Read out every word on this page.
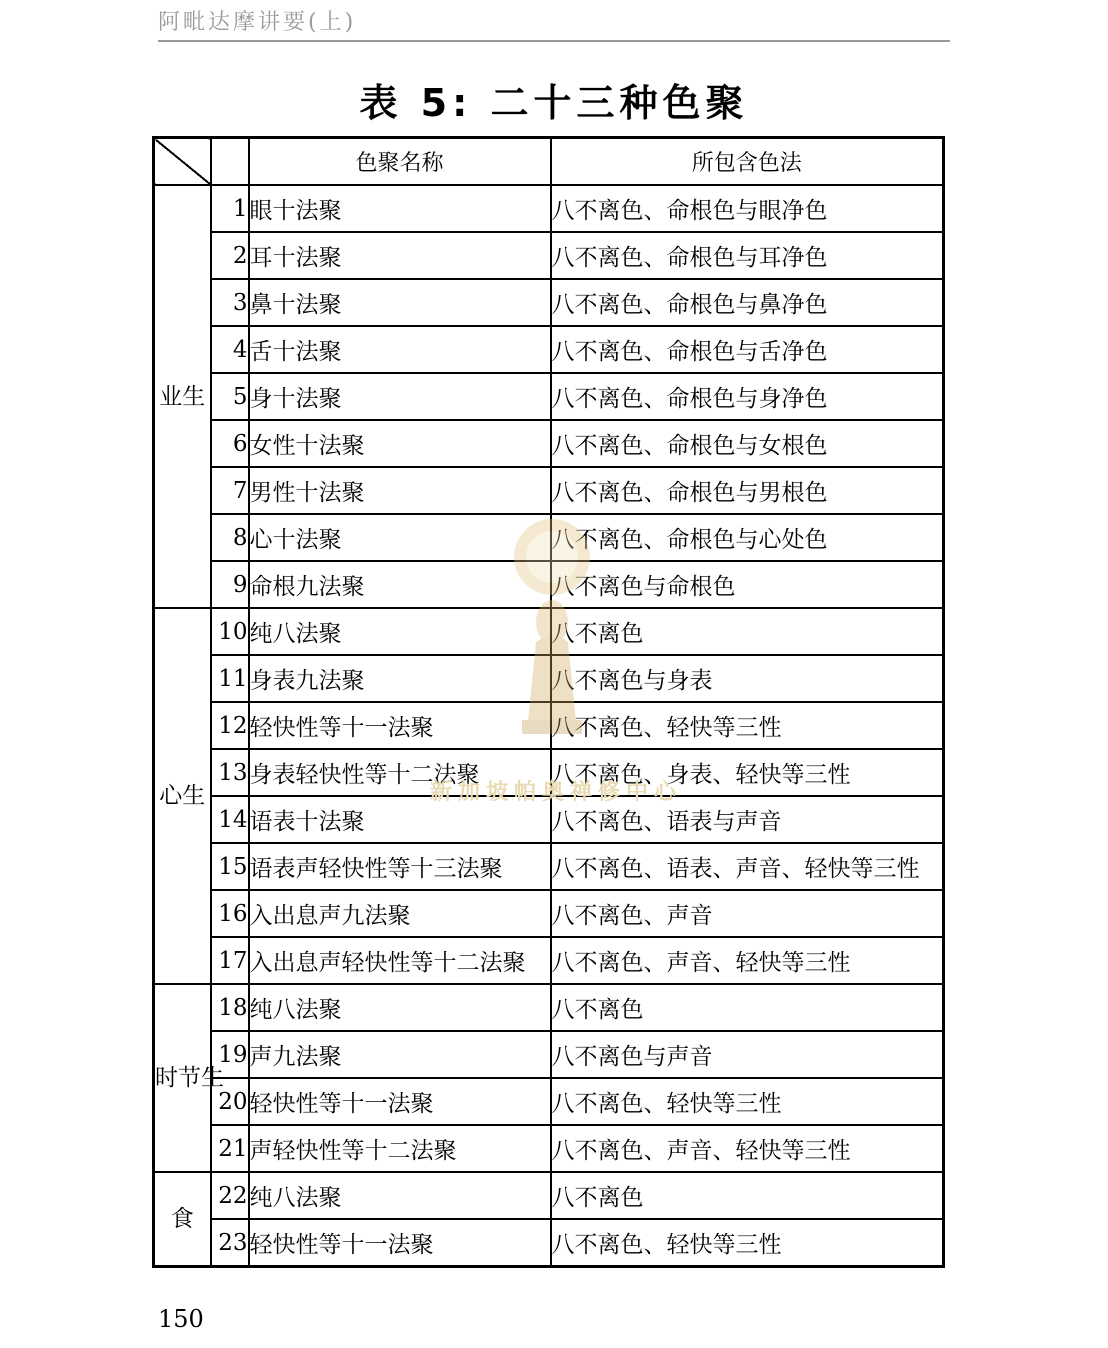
阿毗达摩讲要(上)
表 5: 二十三种色聚
		色聚名称	所包含色法
业生	1	眼十法聚	八不离色、命根色与眼净色
	2	耳十法聚	八不离色、命根色与耳净色
	3	鼻十法聚	八不离色、命根色与鼻净色
	4	舌十法聚	八不离色、命根色与舌净色
	5	身十法聚	八不离色、命根色与身净色
	6	女性十法聚	八不离色、命根色与女根色
	7	男性十法聚	八不离色、命根色与男根色
	8	心十法聚	八不离色、命根色与心处色
	9	命根九法聚	八不离色与命根色
心生	10	纯八法聚	八不离色
	11	身表九法聚	八不离色与身表
	12	轻快性等十一法聚	八不离色、轻快等三性
	13	身表轻快性等十二法聚	八不离色、身表、轻快等三性
	14	语表十法聚	八不离色、语表与声音
	15	语表声轻快性等十三法聚	八不离色、语表、声音、轻快等三性
	16	入出息声九法聚	八不离色、声音
	17	入出息声轻快性等十二法聚	八不离色、声音、轻快等三性
时节生	18	纯八法聚	八不离色
	19	声九法聚	八不离色与声音
	20	轻快性等十一法聚	八不离色、轻快等三性
	21	声轻快性等十二法聚	八不离色、声音、轻快等三性
食	22	纯八法聚	八不离色
	23	轻快性等十一法聚	八不离色、轻快等三性
新加坡帕奥禅修中心
150
